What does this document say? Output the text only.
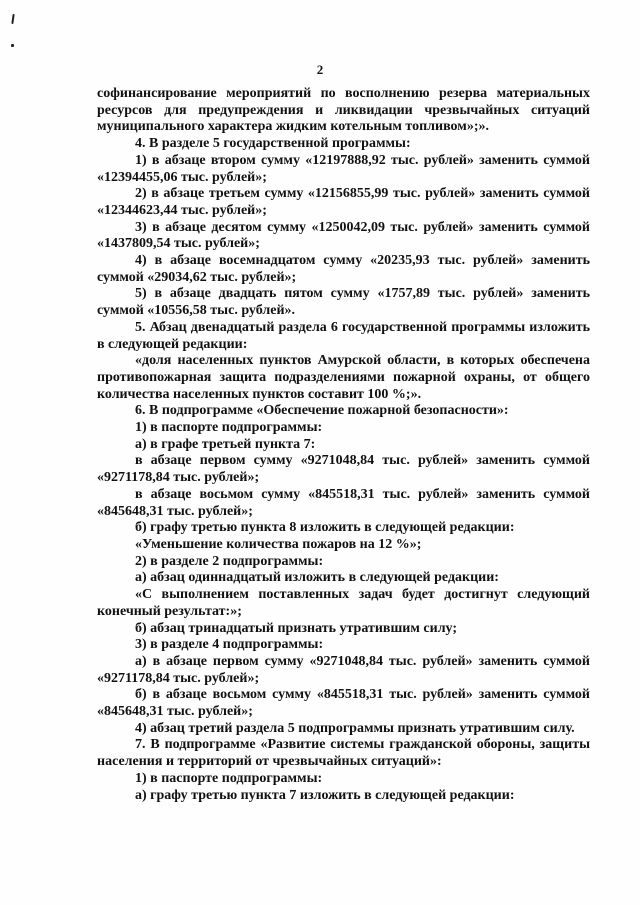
2

софинансирование мероприятий по восполнению резерва материальных ресурсов для предупреждения и ликвидации чрезвычайных ситуаций муниципального характера жидким котельным топливом»;».

4. В разделе 5 государственной программы:

1) в абзаце втором сумму «12197888,92 тыс. рублей» заменить суммой «12394455,06 тыс. рублей»;

2) в абзаце третьем сумму «12156855,99 тыс. рублей» заменить суммой «12344623,44 тыс. рублей»;

3) в абзаце десятом сумму «1250042,09 тыс. рублей» заменить суммой «1437809,54 тыс. рублей»;

4) в абзаце восемнадцатом сумму «20235,93 тыс. рублей» заменить суммой «29034,62 тыс. рублей»;

5) в абзаце двадцать пятом сумму «1757,89 тыс. рублей» заменить суммой «10556,58 тыс. рублей».

5. Абзац двенадцатый раздела 6 государственной программы изложить в следующей редакции:

«доля населенных пунктов Амурской области, в которых обеспечена противопожарная защита подразделениями пожарной охраны, от общего количества населенных пунктов составит 100 %;».

6. В подпрограмме «Обеспечение пожарной безопасности»:

1) в паспорте подпрограммы:

а) в графе третьей пункта 7:

в абзаце первом сумму «9271048,84 тыс. рублей» заменить суммой «9271178,84 тыс. рублей»;

в абзаце восьмом сумму «845518,31 тыс. рублей» заменить суммой «845648,31 тыс. рублей»;

б) графу третью пункта 8 изложить в следующей редакции:

«Уменьшение количества пожаров на 12 %»;

2) в разделе 2 подпрограммы:

а) абзац одиннадцатый изложить в следующей редакции:

«С выполнением поставленных задач будет достигнут следующий конечный результат:»;

б) абзац тринадцатый признать утратившим силу;

3) в разделе 4 подпрограммы:

а) в абзаце первом сумму «9271048,84 тыс. рублей» заменить суммой «9271178,84 тыс. рублей»;

б) в абзаце восьмом сумму «845518,31 тыс. рублей» заменить суммой «845648,31 тыс. рублей»;

4) абзац третий раздела 5 подпрограммы признать утратившим силу.

7. В подпрограмме «Развитие системы гражданской обороны, защиты населения и территорий от чрезвычайных ситуаций»:

1) в паспорте подпрограммы:

а) графу третью пункта 7 изложить в следующей редакции:
